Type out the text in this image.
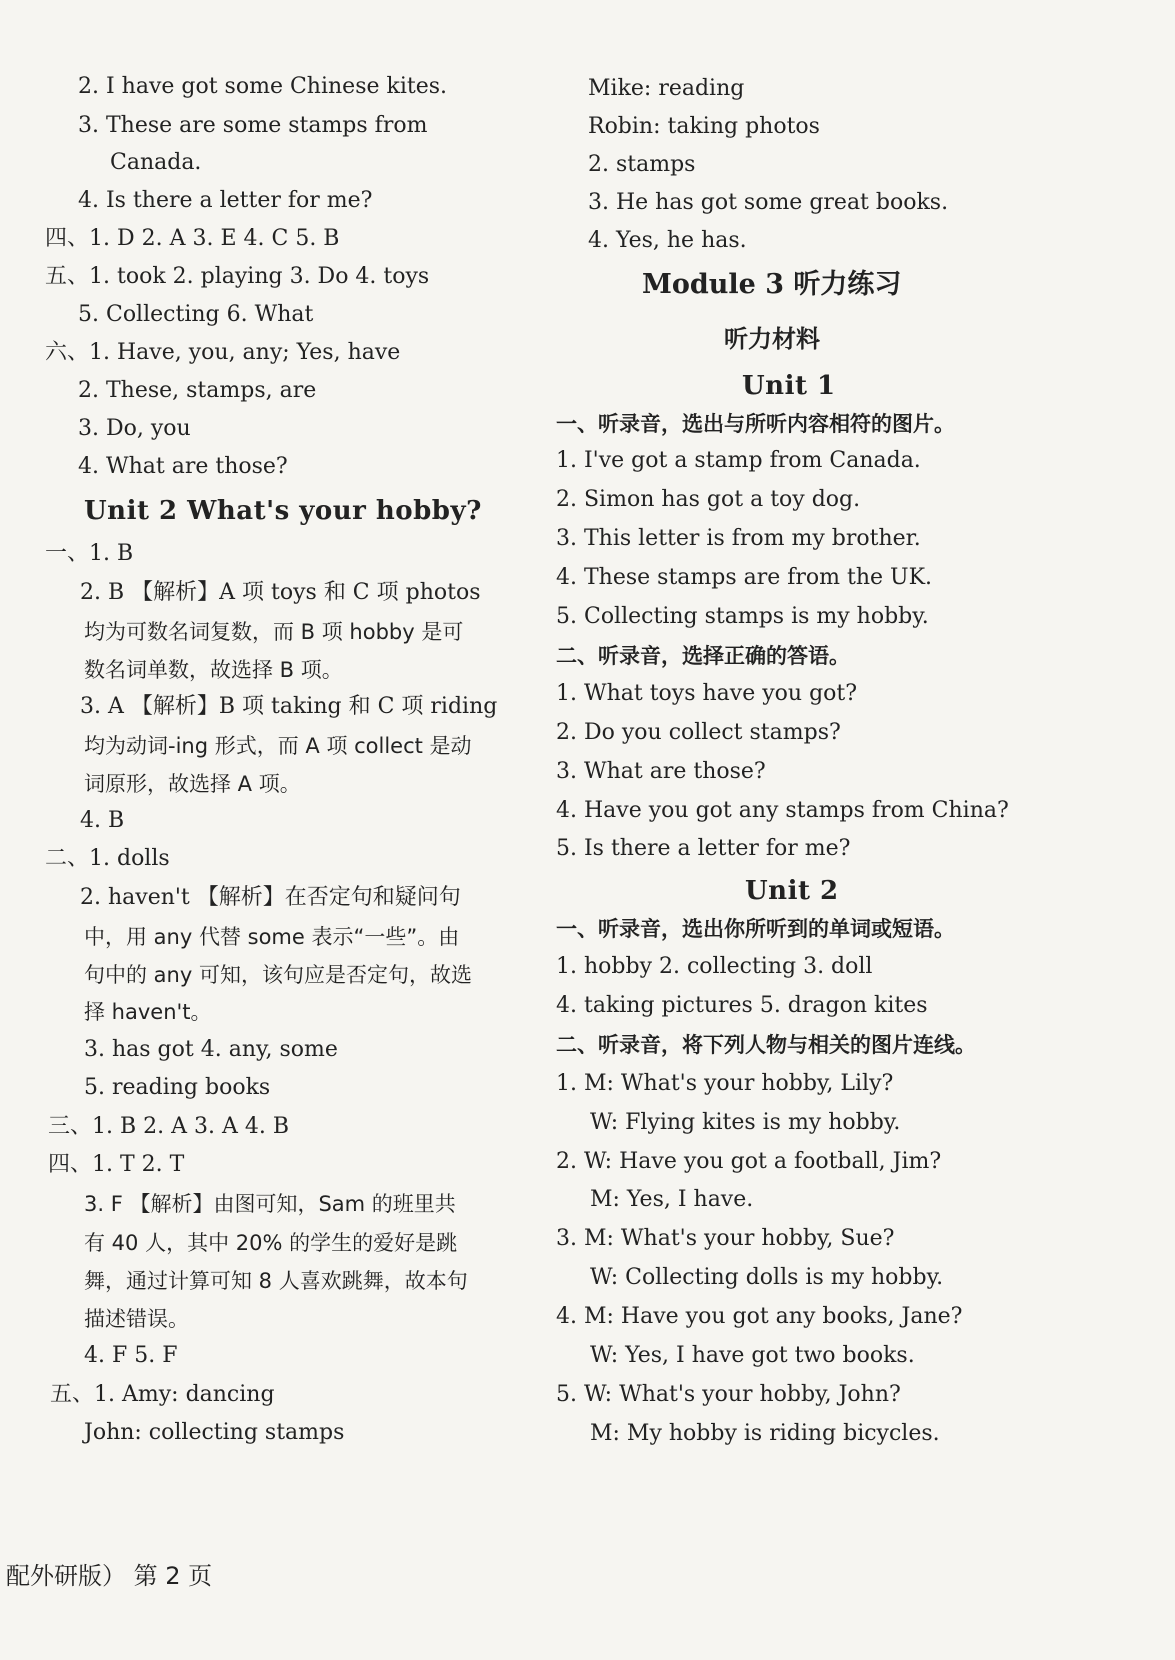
2. I have got some Chinese kites.
3. These are some stamps from
Canada.
4. Is there a letter for me?
四、1. D 2. A 3. E 4. C 5. B
五、1. took 2. playing 3. Do 4. toys
5. Collecting 6. What
六、1. Have, you, any; Yes, have
2. These, stamps, are
3. Do, you
4. What are those?
Unit 2 What's your hobby?
一、1. B
2. B 【解析】A 项 toys 和 C 项 photos
均为可数名词复数，而 B 项 hobby 是可
数名词单数，故选择 B 项。
3. A 【解析】B 项 taking 和 C 项 riding
均为动词-ing 形式，而 A 项 collect 是动
词原形，故选择 A 项。
4. B
二、1. dolls
2. haven't 【解析】在否定句和疑问句
中，用 any 代替 some 表示“一些”。由
句中的 any 可知，该句应是否定句，故选
择 haven't。
3. has got 4. any, some
5. reading books
三、1. B 2. A 3. A 4. B
四、1. T 2. T
3. F 【解析】由图可知，Sam 的班里共
有 40 人，其中 20% 的学生的爱好是跳
舞，通过计算可知 8 人喜欢跳舞，故本句
描述错误。
4. F 5. F
五、1. Amy: dancing
John: collecting stamps
Mike: reading
Robin: taking photos
2. stamps
3. He has got some great books.
4. Yes, he has.
Module 3 听力练习
听力材料
Unit 1
一、听录音，选出与所听内容相符的图片。
1. I've got a stamp from Canada.
2. Simon has got a toy dog.
3. This letter is from my brother.
4. These stamps are from the UK.
5. Collecting stamps is my hobby.
二、听录音，选择正确的答语。
1. What toys have you got?
2. Do you collect stamps?
3. What are those?
4. Have you got any stamps from China?
5. Is there a letter for me?
Unit 2
一、听录音，选出你所听到的单词或短语。
1. hobby 2. collecting 3. doll
4. taking pictures 5. dragon kites
二、听录音，将下列人物与相关的图片连线。
1. M: What's your hobby, Lily?
W: Flying kites is my hobby.
2. W: Have you got a football, Jim?
M: Yes, I have.
3. M: What's your hobby, Sue?
W: Collecting dolls is my hobby.
4. M: Have you got any books, Jane?
W: Yes, I have got two books.
5. W: What's your hobby, John?
M: My hobby is riding bicycles.
配外研版） 第 2 页
